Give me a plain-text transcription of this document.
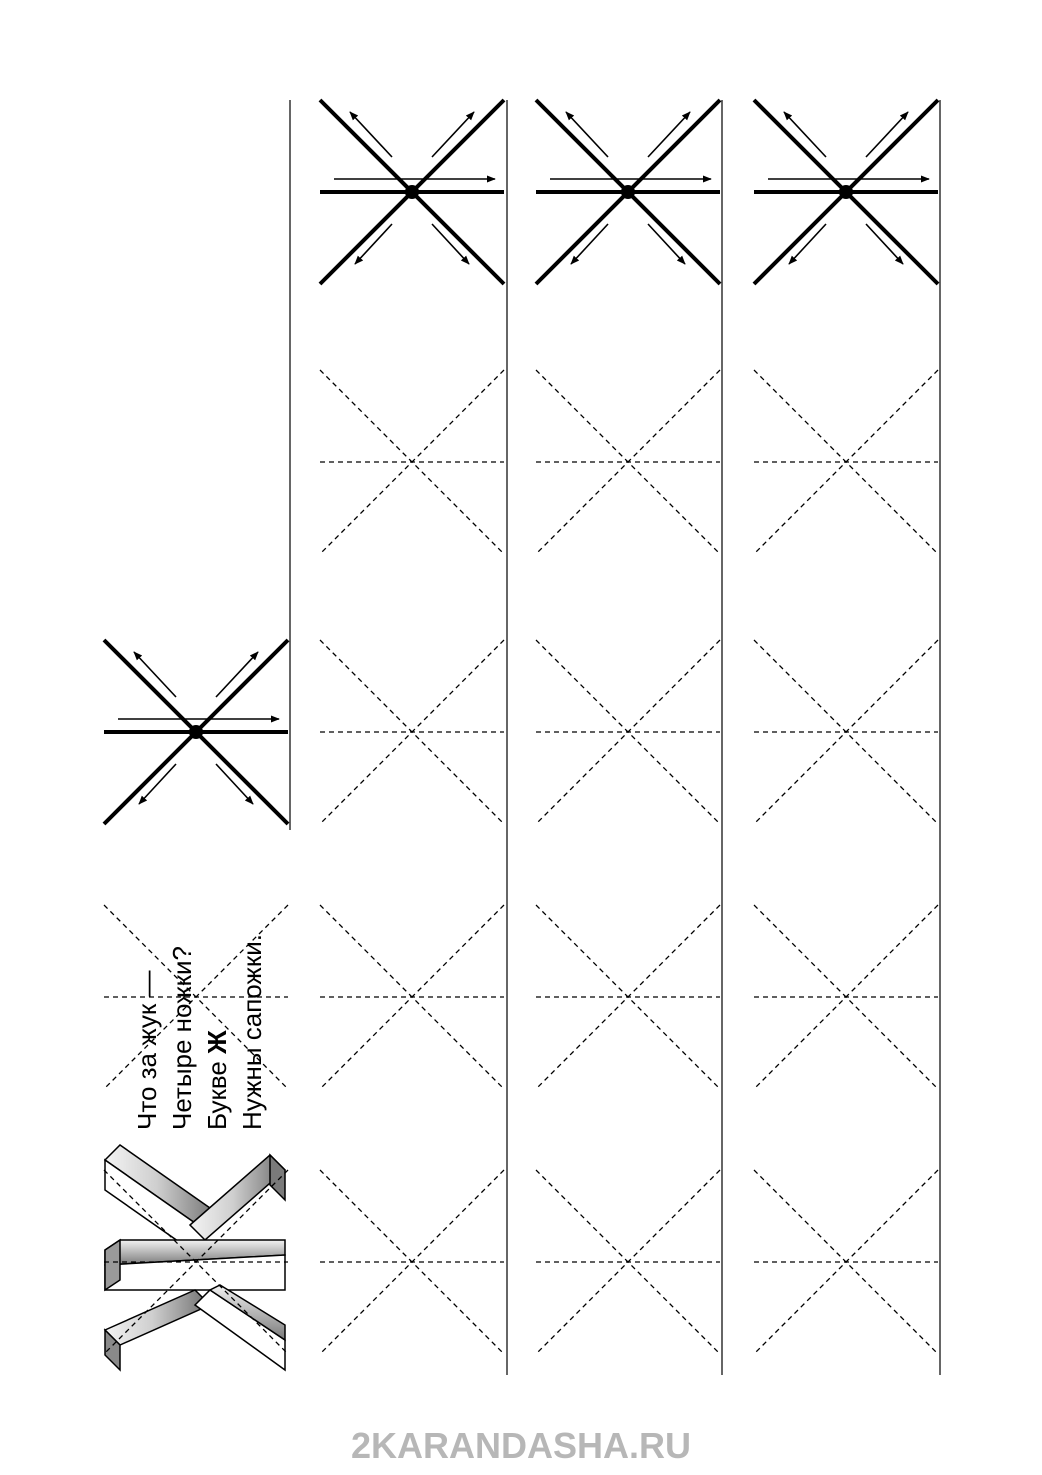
Что за жук — Четыре ножки? Букве Ж Нужны сапожки.
2KARANDASHA.RU
